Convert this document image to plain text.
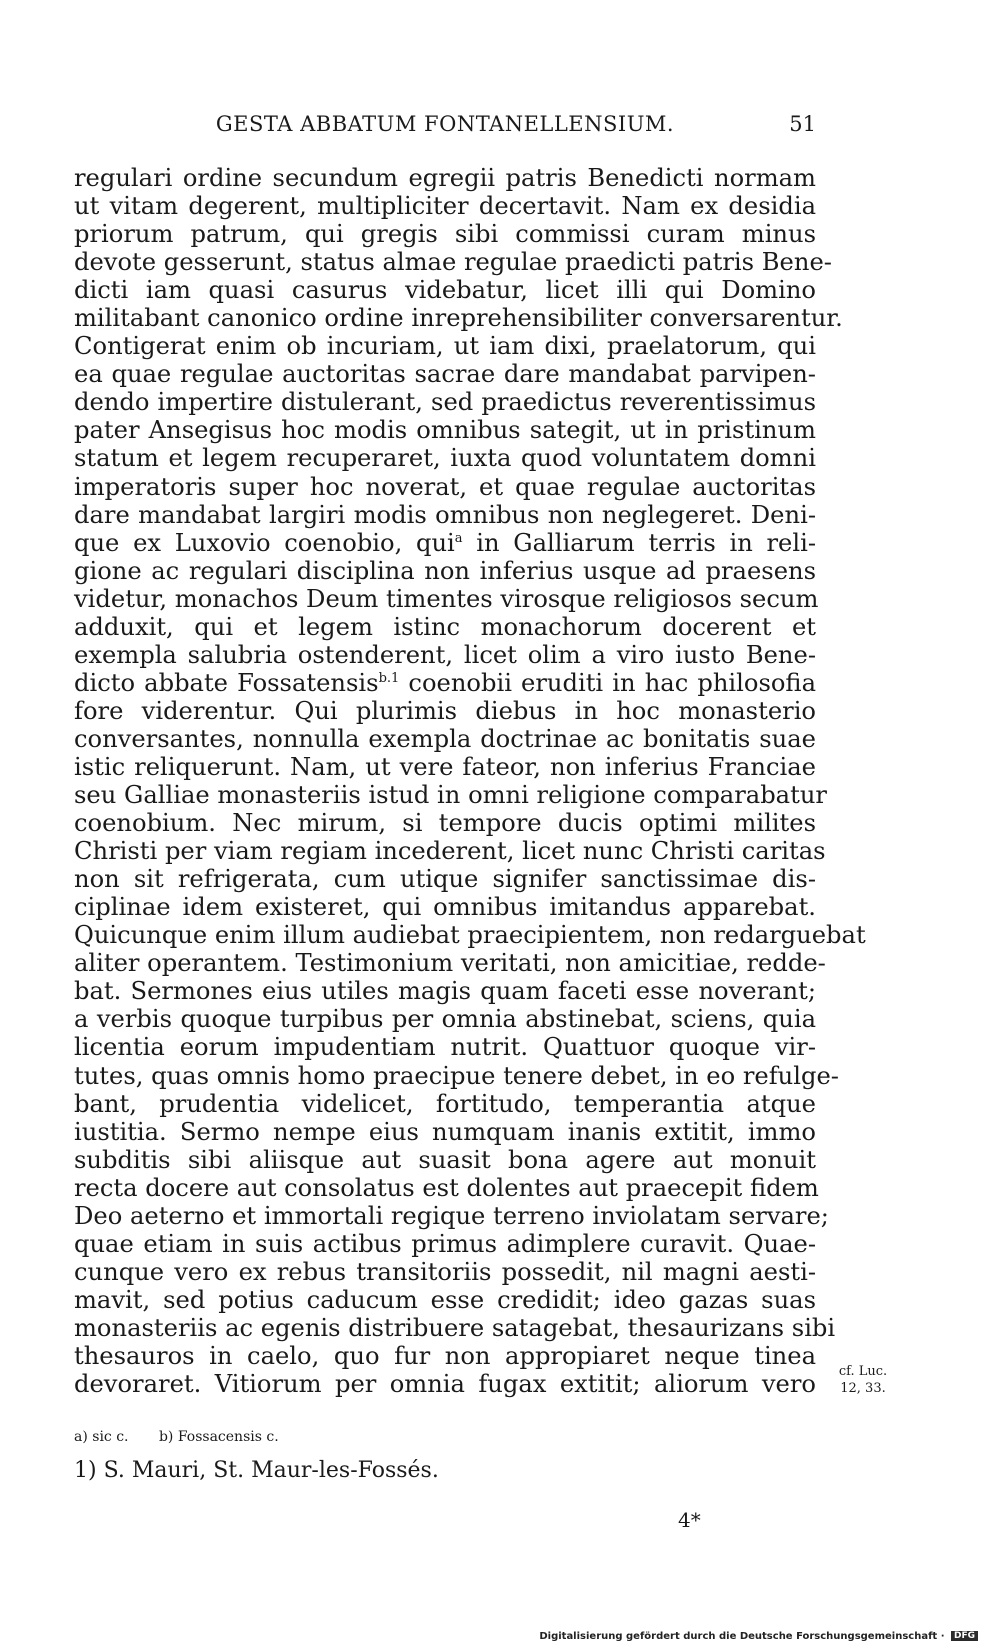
GESTA ABBATUM FONTANELLENSIUM.	51
regulari ordine secundum egregii patris Benedicti normam
ut vitam degerent, multipliciter decertavit. Nam ex desidia
priorum patrum, qui gregis sibi commissi curam minus
devote gesserunt, status almae regulae praedicti patris Bene-
dicti iam quasi casurus videbatur, licet illi qui Domino
militabant canonico ordine inreprehensibiliter conversarentur.
Contigerat enim ob incuriam, ut iam dixi, praelatorum, qui
ea quae regulae auctoritas sacrae dare mandabat parvipen-
dendo impertire distulerant, sed praedictus reverentissimus
pater Ansegisus hoc modis omnibus sategit, ut in pristinum
statum et legem recuperaret, iuxta quod voluntatem domni
imperatoris super hoc noverat, et quae regulae auctoritas
dare mandabat largiri modis omnibus non neglegeret. Deni-
que ex Luxovio coenobio, qui$^a$ in Galliarum terris in reli-
gione ac regulari disciplina non inferius usque ad praesens
videtur, monachos Deum timentes virosque religiosos secum
adduxit, qui et legem istinc monachorum docerent et
exempla salubria ostenderent, licet olim a viro iusto Bene-
dicto abbate Fossatensis$^{b.1}$ coenobii eruditi in hac philosofia
fore viderentur. Qui plurimis diebus in hoc monasterio
conversantes, nonnulla exempla doctrinae ac bonitatis suae
istic reliquerunt. Nam, ut vere fateor, non inferius Franciae
seu Galliae monasteriis istud in omni religione comparabatur
coenobium. Nec mirum, si tempore ducis optimi milites
Christi per viam regiam incederent, licet nunc Christi caritas
non sit refrigerata, cum utique signifer sanctissimae dis-
ciplinae idem existeret, qui omnibus imitandus apparebat.
Quicunque enim illum audiebat praecipientem, non redarguebat
aliter operantem. Testimonium veritati, non amicitiae, redde-
bat. Sermones eius utiles magis quam faceti esse noverant;
a verbis quoque turpibus per omnia abstinebat, sciens, quia
licentia eorum impudentiam nutrit. Quattuor quoque vir-
tutes, quas omnis homo praecipue tenere debet, in eo refulge-
bant, prudentia videlicet, fortitudo, temperantia atque
iustitia. Sermo nempe eius numquam inanis extitit, immo
subditis sibi aliisque aut suasit bona agere aut monuit
recta docere aut consolatus est dolentes aut praecepit fidem
Deo aeterno et immortali regique terreno inviolatam servare;
quae etiam in suis actibus primus adimplere curavit. Quae-
cunque vero ex rebus transitoriis possedit, nil magni aesti-
mavit, sed potius caducum esse credidit; ideo gazas suas
monasteriis ac egenis distribuere satagebat, thesaurizans sibi
thesauros in caelo, quo fur non appropiaret neque tinea
devoraret. Vitiorum per omnia fugax extitit; aliorum vero	cf. Luc.
12, 33.
a) sic c. b) Fossacensis c.
1) S. Mauri, St. Maur-les-Fossés.
4*
Digitalisierung gefördert durch die Deutsche Forschungsgemeinschaft · DFG
